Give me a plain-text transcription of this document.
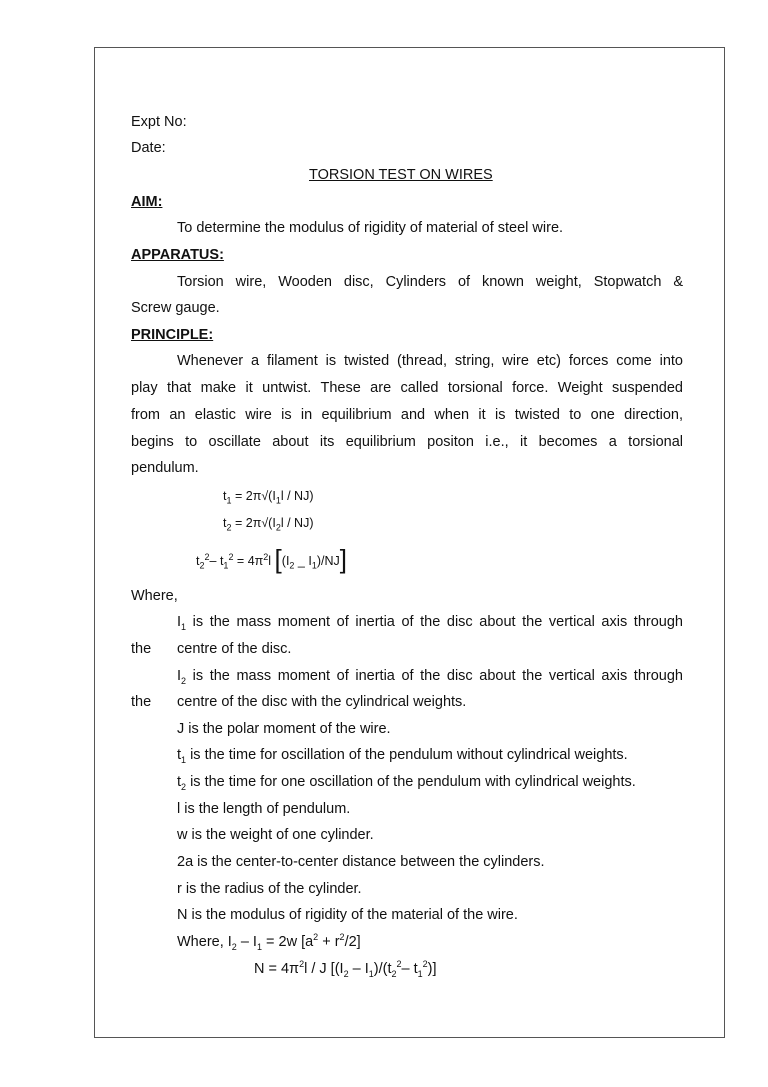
Expt No:
Date:
TORSION TEST ON WIRES
AIM:
To determine the modulus of rigidity of material of steel wire.
APPARATUS:
Torsion wire, Wooden disc, Cylinders of known weight, Stopwatch &
Screw gauge.
PRINCIPLE:
Whenever a filament is twisted (thread, string, wire etc) forces come into
play that make it untwist. These are called torsional force. Weight suspended
from an elastic wire is in equilibrium and when it is twisted to one direction,
begins to oscillate about its equilibrium positon i.e., it becomes a torsional
pendulum.
$t_1 = 2\pi√(I_1l / NJ)$
$t_2 = 2\pi√(I_2l / NJ)$
$t_2^2-$ $t_1^2 = 4\pi^2l$ [($I_2$ _ $I_1)/NJ$]
Where,
$I_1$ is the mass moment of inertia of the disc about the vertical axis through
the centre of the disc.
$I_2$ is the mass moment of inertia of the disc about the vertical axis through
the centre of the disc with the cylindrical weights.
J is the polar moment of the wire.
$t_1$ is the time for oscillation of the pendulum without cylindrical weights.
$t_2$ is the time for one oscillation of the pendulum with cylindrical weights.
l is the length of pendulum.
w is the weight of one cylinder.
2a is the center-to-center distance between the cylinders.
r is the radius of the cylinder.
N is the modulus of rigidity of the material of the wire.
Where, $I_2 - I_1 = 2w$ $[a^2 + r^2/2]$
$N = 4\pi^2l / J$ [$(I_2 - I_1)/(t_2^2-$ $t_1^2$)]
